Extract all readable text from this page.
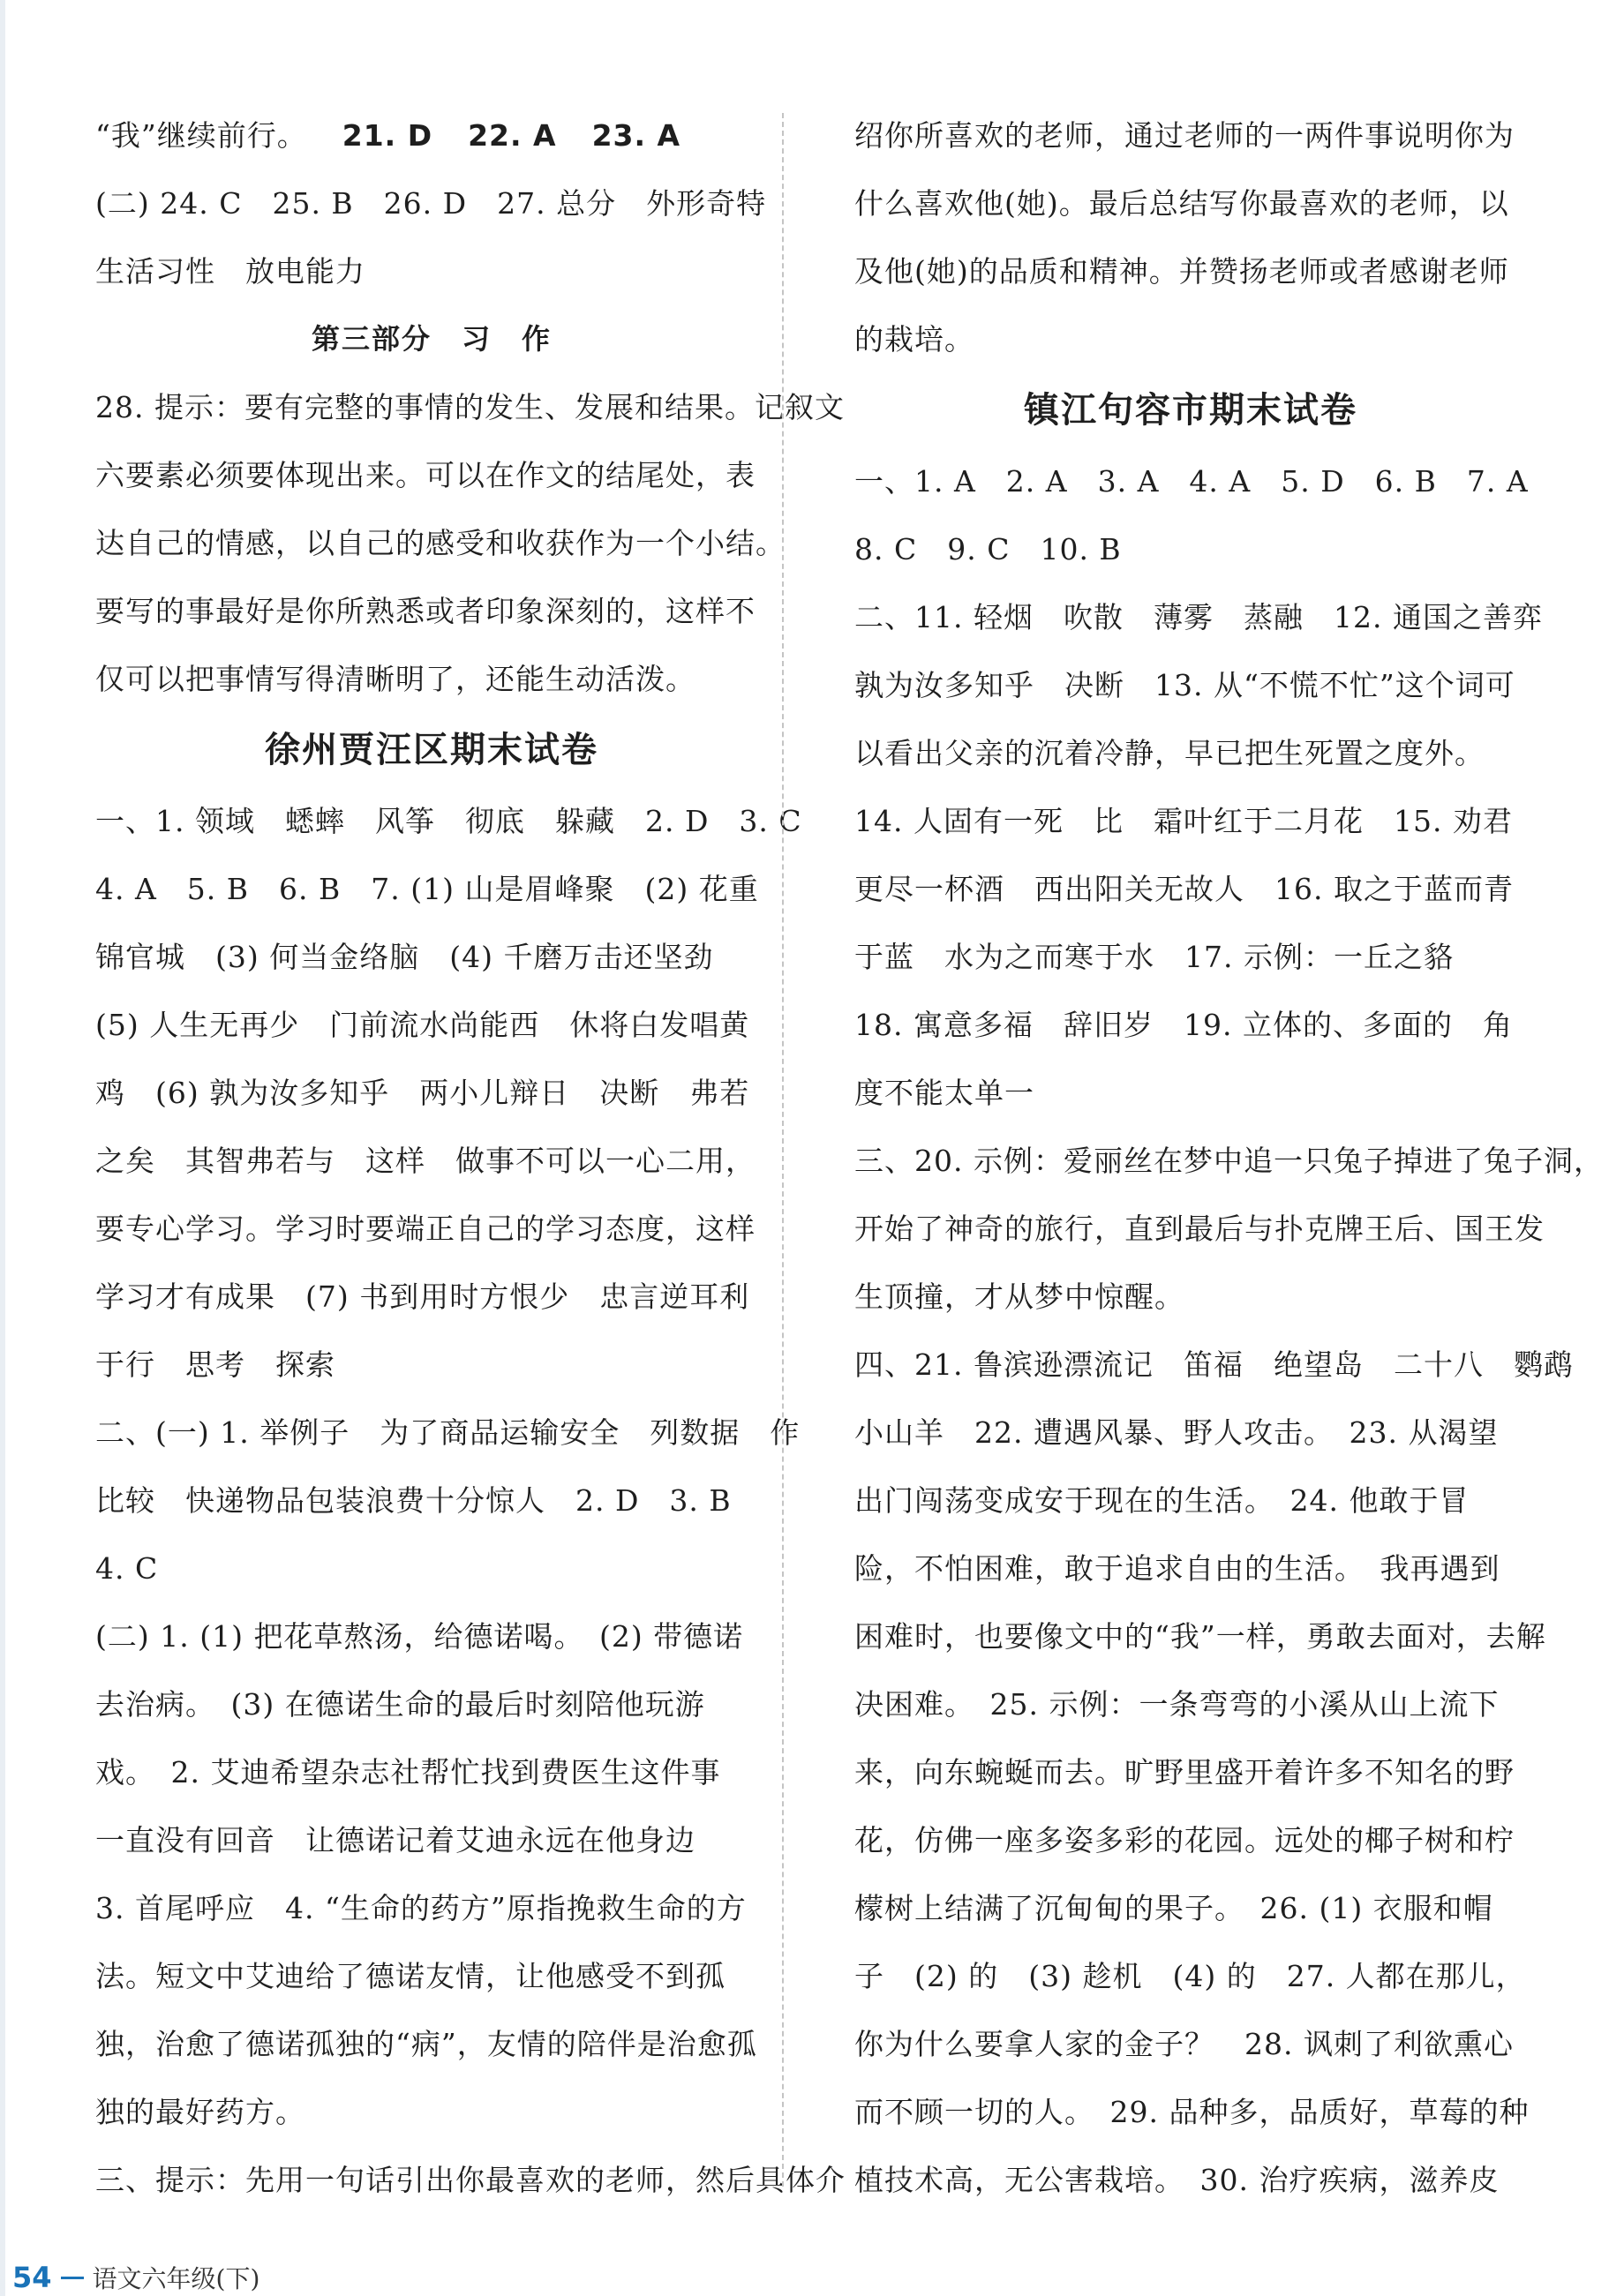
“我”继续前行。 21. D 22. A 23. A
(二) 24. C　25. B　26. D　27. 总分　外形奇特
生活习性　放电能力
第三部分　习　作
28. 提示：要有完整的事情的发生、发展和结果。记叙文
六要素必须要体现出来。可以在作文的结尾处，表
达自己的情感，以自己的感受和收获作为一个小结。
要写的事最好是你所熟悉或者印象深刻的，这样不
仅可以把事情写得清晰明了，还能生动活泼。
徐州贾汪区期末试卷
一、1. 领域　蟋蟀　风筝　彻底　躲藏　2. D　3. C
4. A　5. B　6. B　7. (1) 山是眉峰聚　(2) 花重
锦官城　(3) 何当金络脑　(4) 千磨万击还坚劲
(5) 人生无再少　门前流水尚能西　休将白发唱黄
鸡　(6) 孰为汝多知乎　两小儿辩日　决断　弗若
之矣　其智弗若与　这样　做事不可以一心二用，
要专心学习。学习时要端正自己的学习态度，这样
学习才有成果　(7) 书到用时方恨少　忠言逆耳利
于行　思考　探索
二、(一) 1. 举例子　为了商品运输安全　列数据　作
比较　快递物品包装浪费十分惊人　2. D　3. B
4. C
(二) 1. (1) 把花草熬汤，给德诺喝。　(2) 带德诺
去治病。　(3) 在德诺生命的最后时刻陪他玩游
戏。　2. 艾迪希望杂志社帮忙找到费医生这件事
一直没有回音　让德诺记着艾迪永远在他身边
3. 首尾呼应　4. “生命的药方”原指挽救生命的方
法。短文中艾迪给了德诺友情，让他感受不到孤
独，治愈了德诺孤独的“病”，友情的陪伴是治愈孤
独的最好药方。
三、提示：先用一句话引出你最喜欢的老师，然后具体介
绍你所喜欢的老师，通过老师的一两件事说明你为
什么喜欢他(她)。最后总结写你最喜欢的老师，以
及他(她)的品质和精神。并赞扬老师或者感谢老师
的栽培。
镇江句容市期末试卷
一、1. A　2. A　3. A　4. A　5. D　6. B　7. A
8. C　9. C　10. B
二、11. 轻烟　吹散　薄雾　蒸融　12. 通国之善弈
孰为汝多知乎　决断　13. 从“不慌不忙”这个词可
以看出父亲的沉着冷静，早已把生死置之度外。
14. 人固有一死　比　霜叶红于二月花　15. 劝君
更尽一杯酒　西出阳关无故人　16. 取之于蓝而青
于蓝　水为之而寒于水　17. 示例：一丘之貉
18. 寓意多福　辞旧岁　19. 立体的、多面的　角
度不能太单一
三、20. 示例：爱丽丝在梦中追一只兔子掉进了兔子洞，
开始了神奇的旅行，直到最后与扑克牌王后、国王发
生顶撞，才从梦中惊醒。
四、21. 鲁滨逊漂流记　笛福　绝望岛　二十八　鹦鹉
小山羊　22. 遭遇风暴、野人攻击。　23. 从渴望
出门闯荡变成安于现在的生活。　24. 他敢于冒
险，不怕困难，敢于追求自由的生活。　我再遇到
困难时，也要像文中的“我”一样，勇敢去面对，去解
决困难。　25. 示例：一条弯弯的小溪从山上流下
来，向东蜿蜒而去。旷野里盛开着许多不知名的野
花，仿佛一座多姿多彩的花园。远处的椰子树和柠
檬树上结满了沉甸甸的果子。　26. (1) 衣服和帽
子　(2) 的　(3) 趁机　(4) 的　27. 人都在那儿，
你为什么要拿人家的金子？　28. 讽刺了利欲熏心
而不顾一切的人。　29. 品种多，品质好，草莓的种
植技术高，无公害栽培。　30. 治疗疾病，滋养皮
54 语文六年级(下)
